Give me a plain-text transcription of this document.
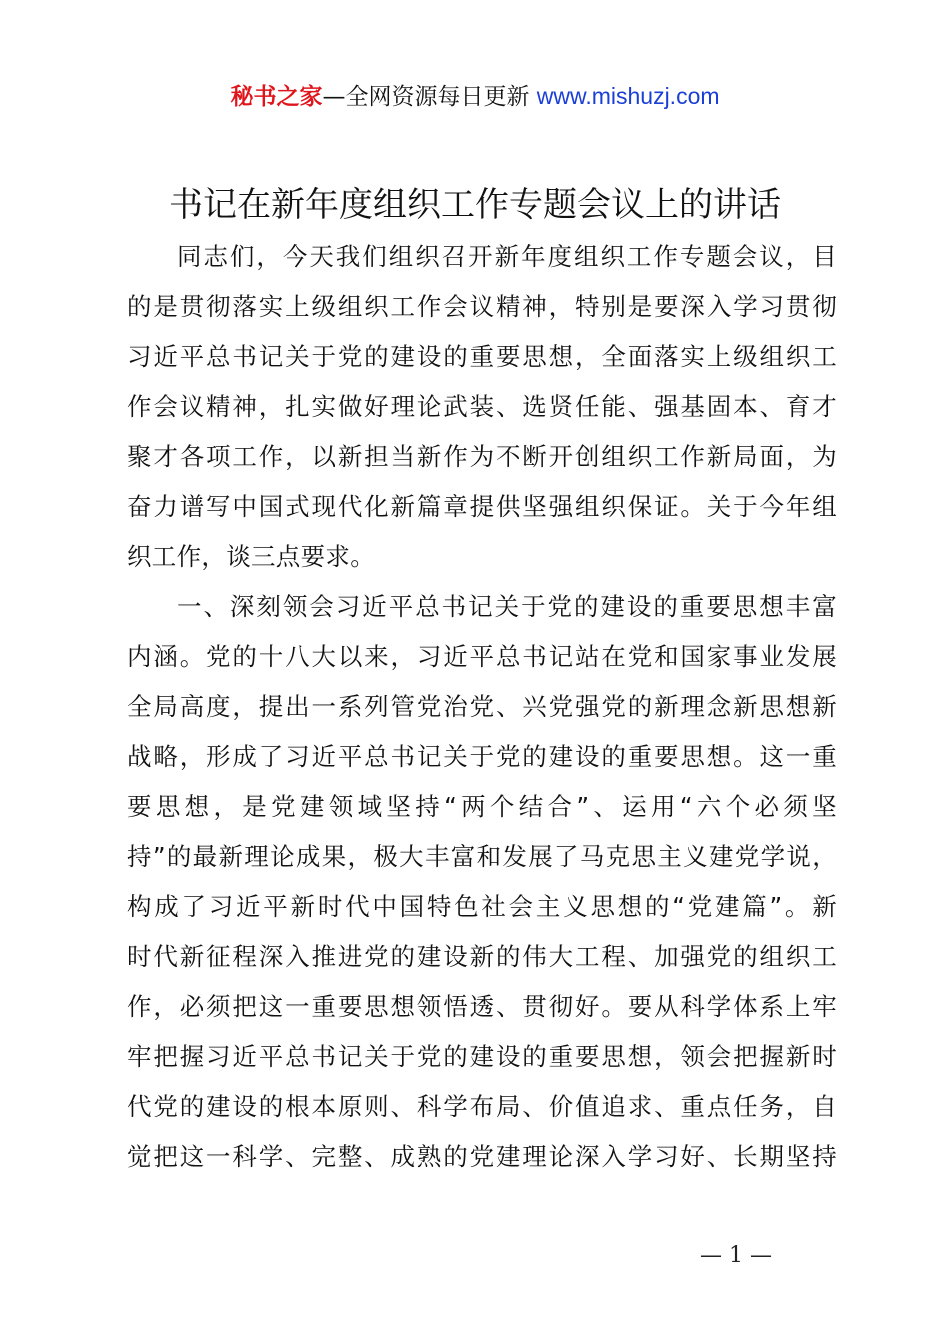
秘书之家—全网资源每日更新 www.mishuzj.com
书记在新年度组织工作专题会议上的讲话
同志们，今天我们组织召开新年度组织工作专题会议，目
的是贯彻落实上级组织工作会议精神，特别是要深入学习贯彻
习近平总书记关于党的建设的重要思想，全面落实上级组织工
作会议精神，扎实做好理论武装、选贤任能、强基固本、育才
聚才各项工作，以新担当新作为不断开创组织工作新局面，为
奋力谱写中国式现代化新篇章提供坚强组织保证。关于今年组
织工作，谈三点要求。
一、深刻领会习近平总书记关于党的建设的重要思想丰富
内涵。党的十八大以来，习近平总书记站在党和国家事业发展
全局高度，提出一系列管党治党、兴党强党的新理念新思想新
战略，形成了习近平总书记关于党的建设的重要思想。这一重
要思想，是党建领域坚持“两个结合”、运用“六个必须坚
持”的最新理论成果，极大丰富和发展了马克思主义建党学说，
构成了习近平新时代中国特色社会主义思想的“党建篇”。新
时代新征程深入推进党的建设新的伟大工程、加强党的组织工
作，必须把这一重要思想领悟透、贯彻好。要从科学体系上牢
牢把握习近平总书记关于党的建设的重要思想，领会把握新时
代党的建设的根本原则、科学布局、价值追求、重点任务，自
觉把这一科学、完整、成熟的党建理论深入学习好、长期坚持
— 1 —
